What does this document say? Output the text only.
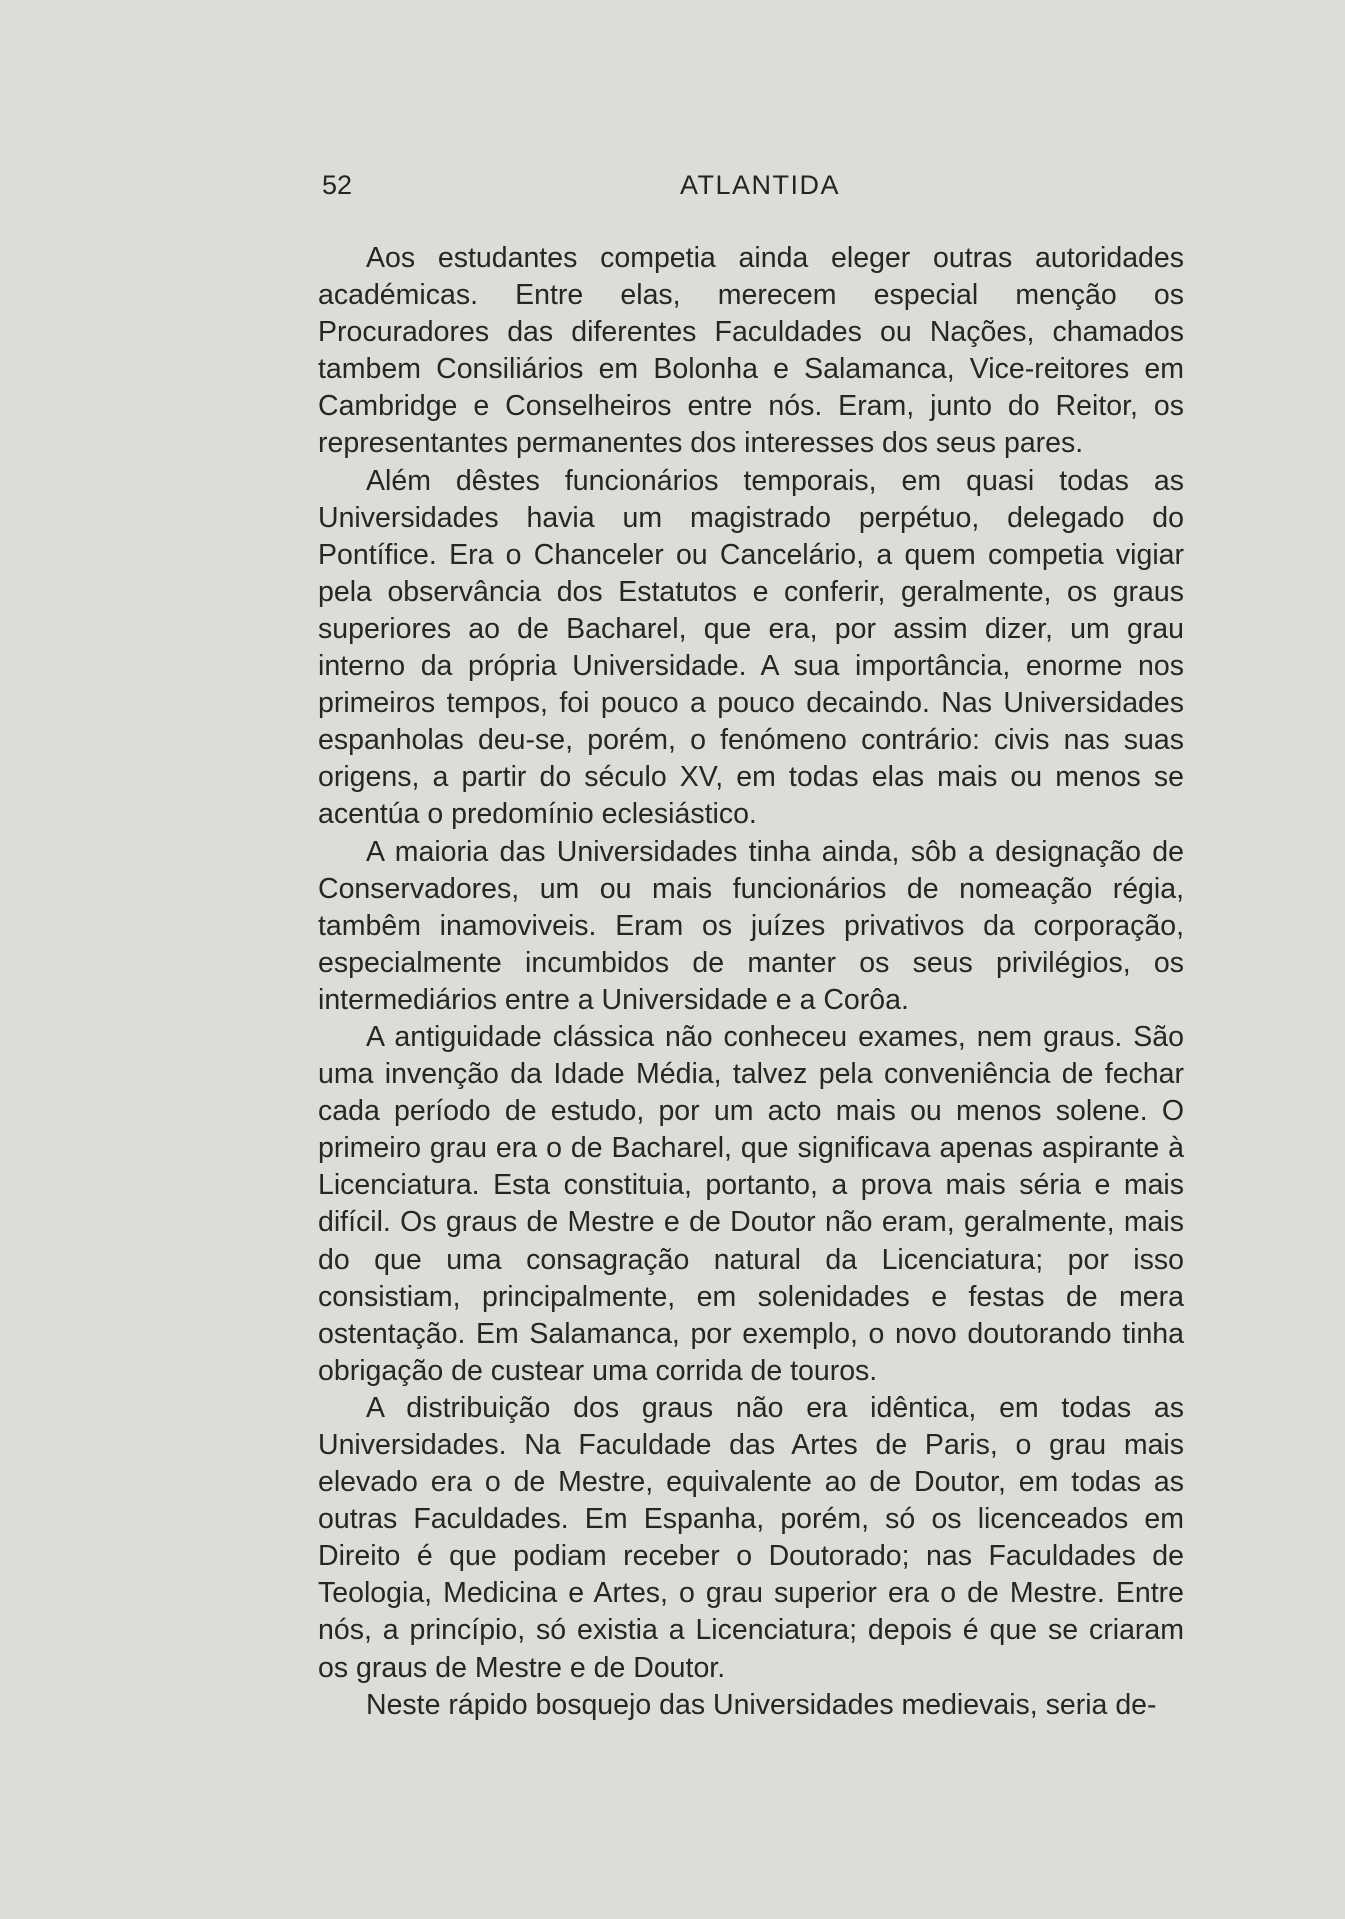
52	ATLANTIDA

Aos estudantes competia ainda eleger outras autoridades académicas. Entre elas, merecem especial menção os Procuradores das diferentes Faculdades ou Nações, chamados tambem Consiliários em Bolonha e Salamanca, Vice-reitores em Cambridge e Conselheiros entre nós. Eram, junto do Reitor, os representantes permanentes dos interesses dos seus pares.

Além dêstes funcionários temporais, em quasi todas as Universidades havia um magistrado perpétuo, delegado do Pontífice. Era o Chanceler ou Cancelário, a quem competia vigiar pela observância dos Estatutos e conferir, geralmente, os graus superiores ao de Bacharel, que era, por assim dizer, um grau interno da própria Universidade. A sua importância, enorme nos primeiros tempos, foi pouco a pouco decaindo. Nas Universidades espanholas deu-se, porém, o fenómeno contrário: civis nas suas origens, a partir do século XV, em todas elas mais ou menos se acentúa o predomínio eclesiástico.

A maioria das Universidades tinha ainda, sôb a designação de Conservadores, um ou mais funcionários de nomeação régia, tambêm inamoviveis. Eram os juízes privativos da corporação, especialmente incumbidos de manter os seus privilégios, os intermediários entre a Universidade e a Corôa.

A antiguidade clássica não conheceu exames, nem graus. São uma invenção da Idade Média, talvez pela conveniência de fechar cada período de estudo, por um acto mais ou menos solene. O primeiro grau era o de Bacharel, que significava apenas aspirante à Licenciatura. Esta constituia, portanto, a prova mais séria e mais difícil. Os graus de Mestre e de Doutor não eram, geralmente, mais do que uma consagração natural da Licenciatura; por isso consistiam, principalmente, em solenidades e festas de mera ostentação. Em Salamanca, por exemplo, o novo doutorando tinha obrigação de custear uma corrida de touros.

A distribuição dos graus não era idêntica, em todas as Universidades. Na Faculdade das Artes de Paris, o grau mais elevado era o de Mestre, equivalente ao de Doutor, em todas as outras Faculdades. Em Espanha, porém, só os licenceados em Direito é que podiam receber o Doutorado; nas Faculdades de Teologia, Medicina e Artes, o grau superior era o de Mestre. Entre nós, a princípio, só existia a Licenciatura; depois é que se criaram os graus de Mestre e de Doutor.

Neste rápido bosquejo das Universidades medievais, seria de-
